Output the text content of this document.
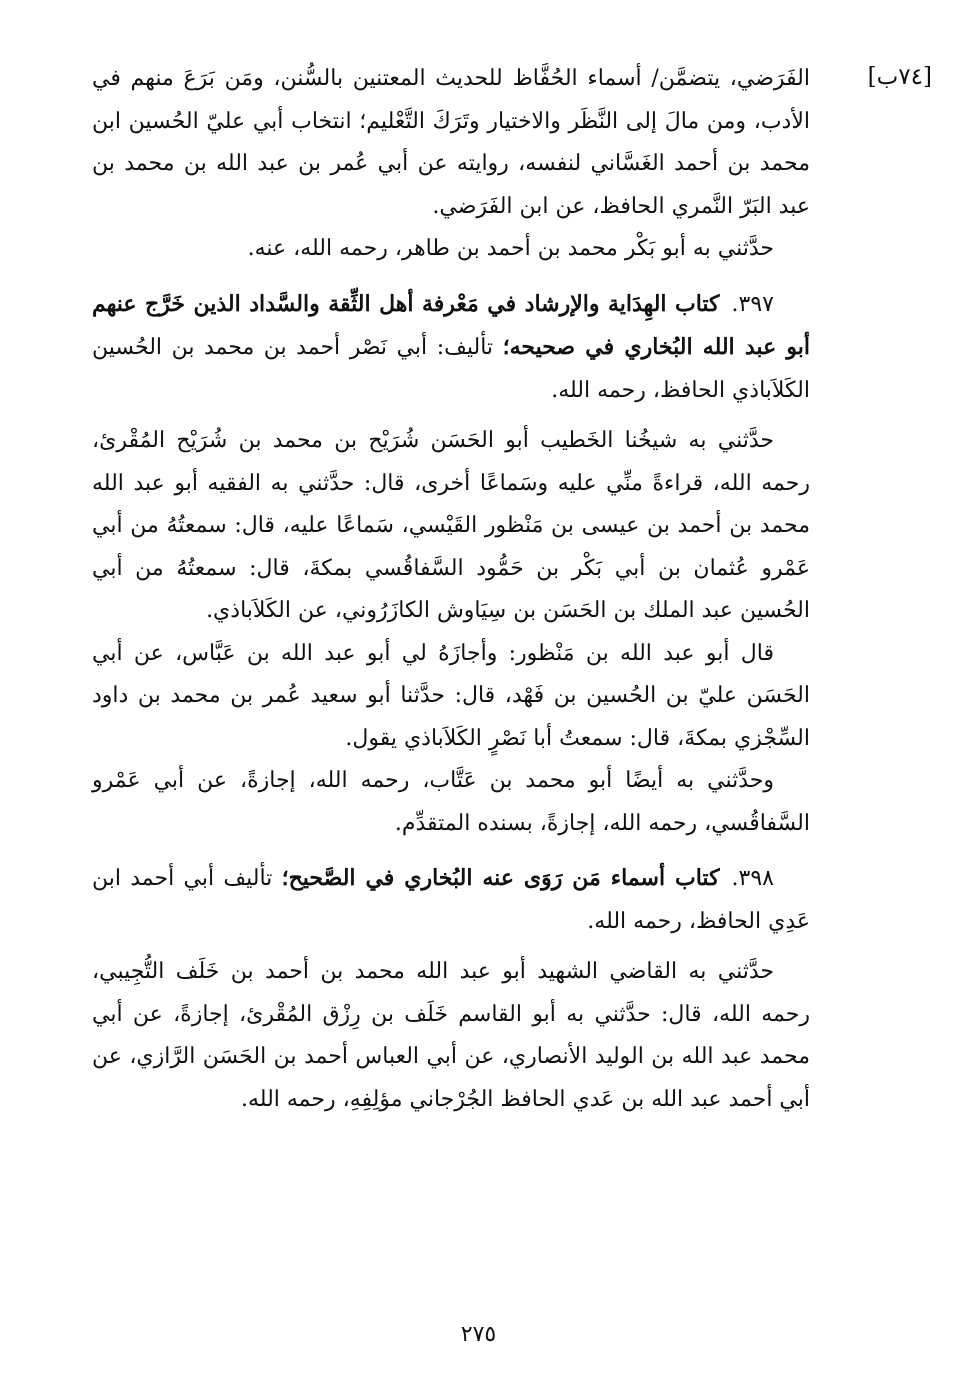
[٧٤ب]

الفَرَضي، يتضمَّن/ أسماء الحُفَّاظ للحديث المعتنين بالسُّنن، ومَن بَرَعَ منهم في الأدب، ومن مالَ إلى النَّظَر والاختيار وتَرَكَ التَّعْليم؛ انتخاب أبي عليّ الحُسين ابن محمد بن أحمد الغَسَّاني لنفسه، روايته عن أبي عُمر بن عبد الله بن محمد بن عبد البَرّ النَّمري الحافظ، عن ابن الفَرَضي.

حدَّثني به أبو بَكْر محمد بن أحمد بن طاهر، رحمه الله، عنه.

٣٩٧.كتاب الهِدَاية والإرشاد في مَعْرفة أهل الثِّقة والسَّداد الذين خَرَّج عنهم أبو عبد الله البُخاري في صحيحه؛ تأليف: أبي نَصْر أحمد بن محمد بن الحُسين الكَلاَباذي الحافظ، رحمه الله.

حدَّثني به شيخُنا الخَطيب أبو الحَسَن شُرَيْح بن محمد بن شُرَيْح المُقْرئ، رحمه الله، قراءةً منِّي عليه وسَماعًا أخرى، قال: حدَّثني به الفقيه أبو عبد الله محمد بن أحمد بن عيسى بن مَنْظور القَيْسي، سَماعًا عليه، قال: سمعتُهُ من أبي عَمْرو عُثمان بن أبي بَكْر بن حَمُّود السَّفاقُسي بمكةَ، قال: سمعتُهُ من أبي الحُسين عبد الملك بن الحَسَن بن سِيَاوش الكازَرُوني، عن الكَلاَباذي.

قال أبو عبد الله بن مَنْظور: وأجازَهُ لي أبو عبد الله بن عَبَّاس، عن أبي الحَسَن عليّ بن الحُسين بن فَهْد، قال: حدَّثنا أبو سعيد عُمر بن محمد بن داود السِّجْزي بمكةَ، قال: سمعتُ أبا نَصْرٍ الكَلاَباذي يقول.

وحدَّثني به أيضًا أبو محمد بن عَتَّاب، رحمه الله، إجازةً، عن أبي عَمْرو السَّفاقُسي، رحمه الله، إجازةً، بسنده المتقدِّم.

٣٩٨.كتاب أسماء مَن رَوَى عنه البُخاري في الصَّحيح؛ تأليف أبي أحمد ابن عَدِي الحافظ، رحمه الله.

حدَّثني به القاضي الشهيد أبو عبد الله محمد بن أحمد بن خَلَف التُّجِيبي، رحمه الله، قال: حدَّثني به أبو القاسم خَلَف بن رِزْق المُقْرئ، إجازةً، عن أبي محمد عبد الله بن الوليد الأنصاري، عن أبي العباس أحمد بن الحَسَن الرَّازي، عن أبي أحمد عبد الله بن عَدي الحافظ الجُرْجاني مؤلِفِهِ، رحمه الله.

٢٧٥
